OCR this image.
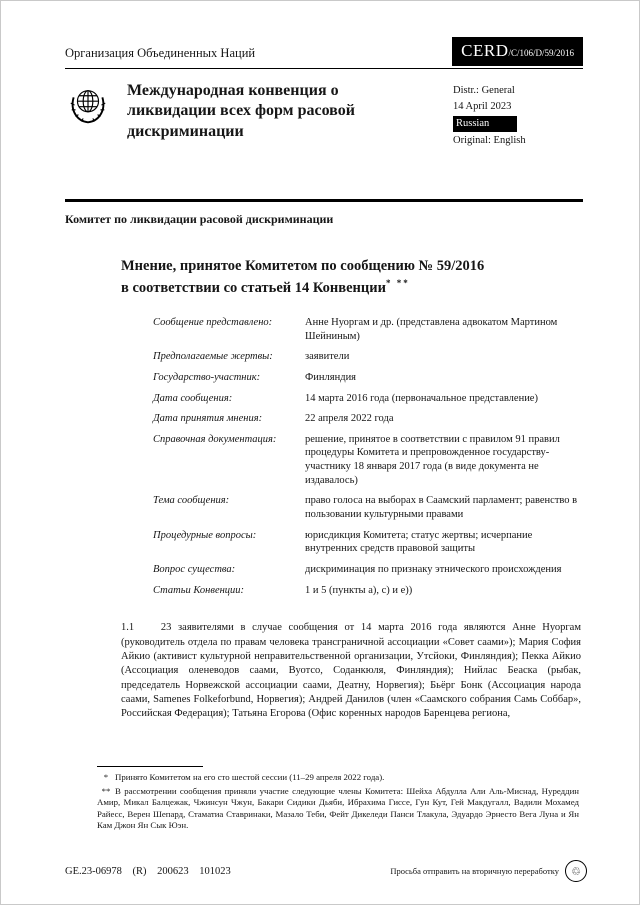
Организация Объединенных Наций	CERD /C/106/D/59/2016
Международная конвенция о ликвидации всех форм расовой дискриминации
Distr.: General
14 April 2023
Russian
Original: English
Комитет по ликвидации расовой дискриминации
Мнение, принятое Комитетом по сообщению № 59/2016
в соответствии со статьей 14 Конвенции* **
Сообщение представлено:	Анне Нуоргам и др. (представлена адвокатом Мартином Шейниным)
Предполагаемые жертвы:	заявители
Государство-участник:	Финляндия
Дата сообщения:	14 марта 2016 года (первоначальное представление)
Дата принятия мнения:	22 апреля 2022 года
Справочная документация:	решение, принятое в соответствии с правилом 91 правил процедуры Комитета и препровожденное государству-участнику 18 января 2017 года (в виде документа не издавалось)
Тема сообщения:	право голоса на выборах в Саамский парламент; равенство в пользовании культурными правами
Процедурные вопросы:	юрисдикция Комитета; статус жертвы; исчерпание внутренних средств правовой защиты
Вопрос существа:	дискриминация по признаку этнического происхождения
Статьи Конвенции:	1 и 5 (пункты а), с) и е))
1.1    23 заявителями в случае сообщения от 14 марта 2016 года являются Анне Нуоргам (руководитель отдела по правам человека трансграничной ассоциации «Совет саами»); Мария София Айкио (активист культурной неправительственной организации, Утсйоки, Финляндия); Пекка Айкио (Ассоциация оленеводов саами, Вуотсо, Соданкюля, Финляндия); Нийлас Беаска (рыбак, председатель Норвежской ассоциации саами, Деатну, Норвегия); Бьёрг Бонк (Ассоциация народа саами, Samenes Folkeforbund, Норвегия); Андрей Данилов (член «Саамского собрания Самь Соббар», Российская Федерация); Татьяна Егорова (Офис коренных народов Баренцева региона,
* Принято Комитетом на его сто шестой сессии (11–29 апреля 2022 года).
** В рассмотрении сообщения приняли участие следующие члены Комитета: Шейха Абдулла Али Аль-Миснад, Нуреддин Амир, Микал Балцежак, Чжинсун Чжун, Бакари Сидики Дьяби, Ибрахима Гиссе, Гун Кут, Гей Макдугалл, Вадили Мохамед Райесс, Верен Шепард, Стаматиа Ставринаки, Мазало Теби, Фейт Дикеледи Панси Тлакула, Эдуардо Эрнесто Вега Луна и Ян Кам Джон Ян Сык Юэн.
GE.23-06978 (R) 200623 101023	Просьба отправить на вторичную переработку	♲
